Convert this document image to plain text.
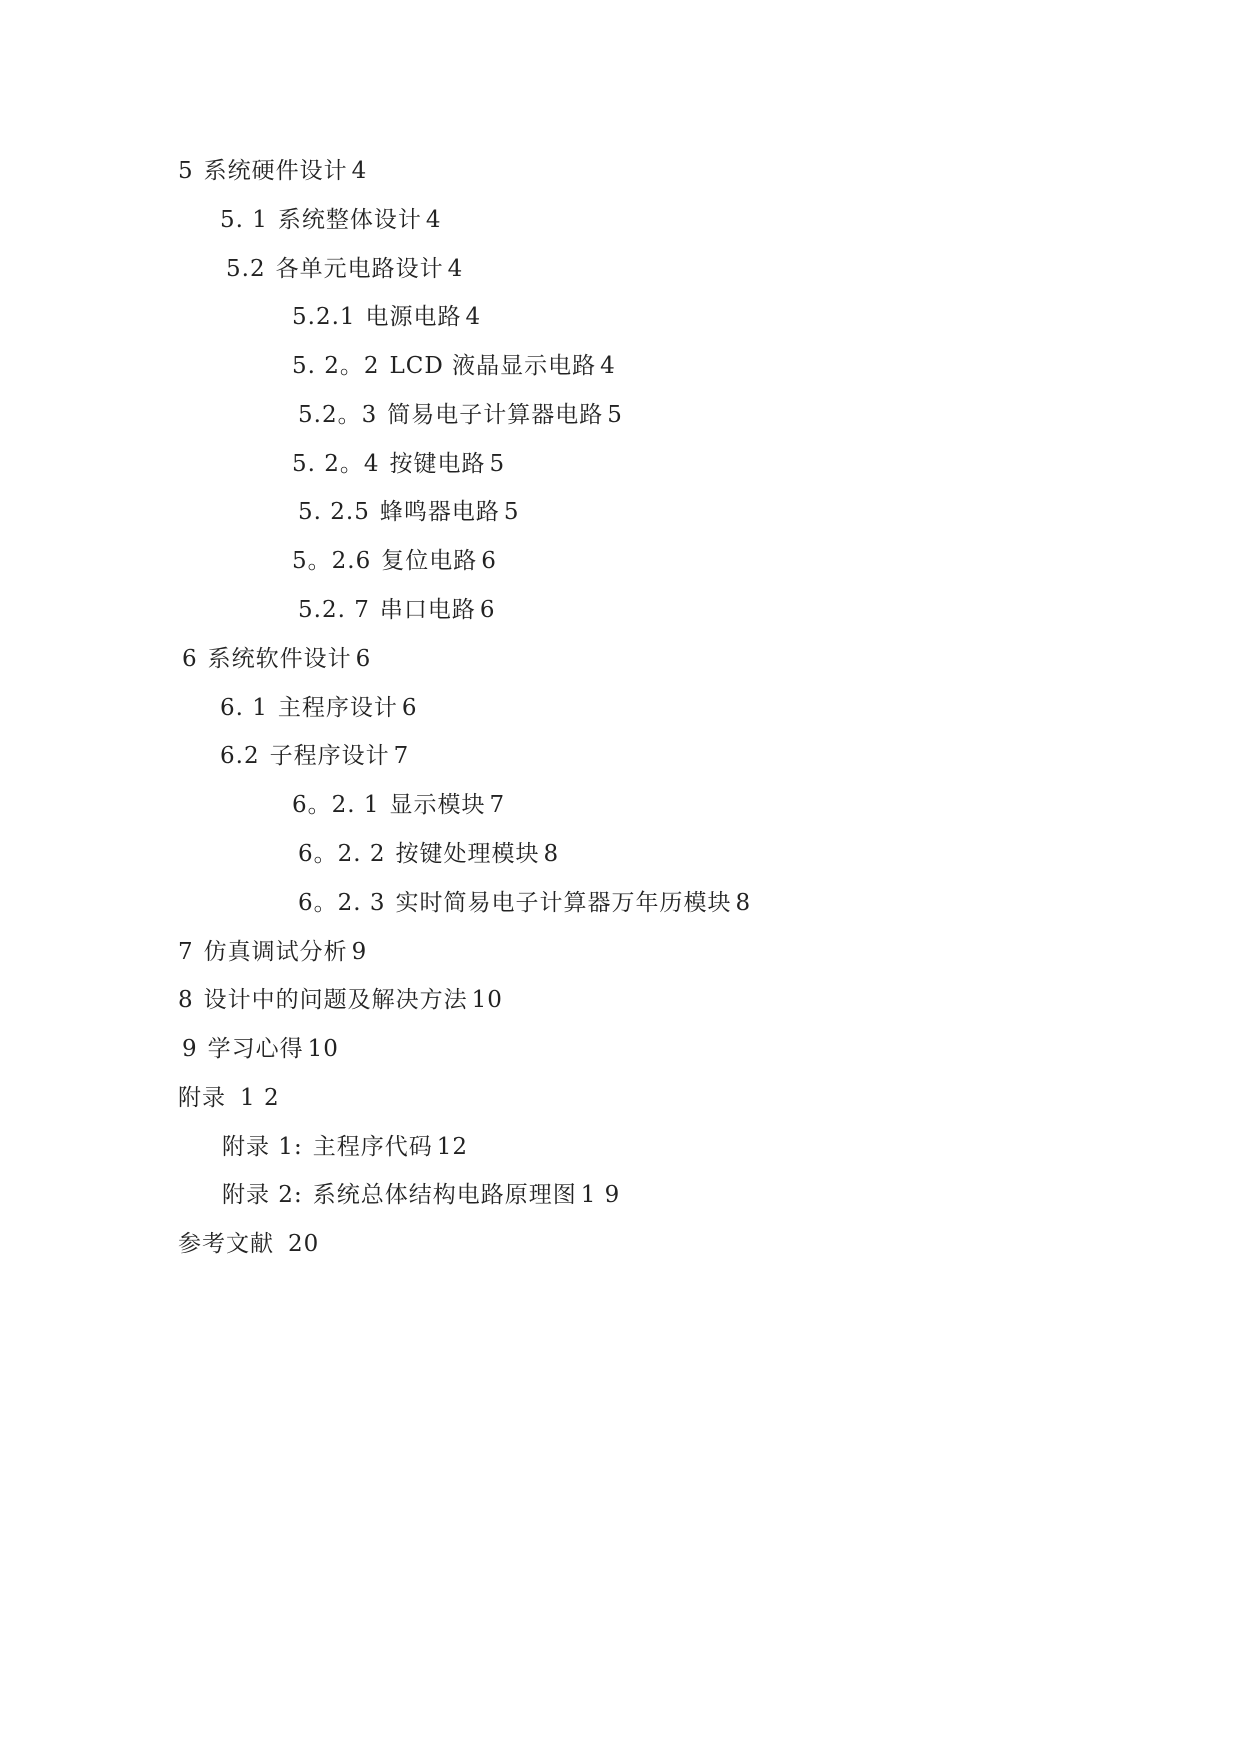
5 系统硬件设计 4
5. 1 系统整体设计 4
5.2 各单元电路设计 4
5.2.1 电源电路 4
5. 2。2 LCD 液晶显示电路 4
5.2。3 简易电子计算器电路 5
5. 2。4 按键电路 5
5. 2.5 蜂鸣器电路 5
5。2.6 复位电路 6
5.2. 7 串口电路 6
6 系统软件设计 6
6. 1 主程序设计 6
6.2 子程序设计 7
6。2. 1 显示模块 7
6。2. 2 按键处理模块 8
6。2. 3 实时简易电子计算器万年历模块 8
7 仿真调试分析 9
8 设计中的问题及解决方法 10
9 学习心得 10
附录 1 2
附录 1: 主程序代码 12
附录 2: 系统总体结构电路原理图 1 9
参考文献 20
